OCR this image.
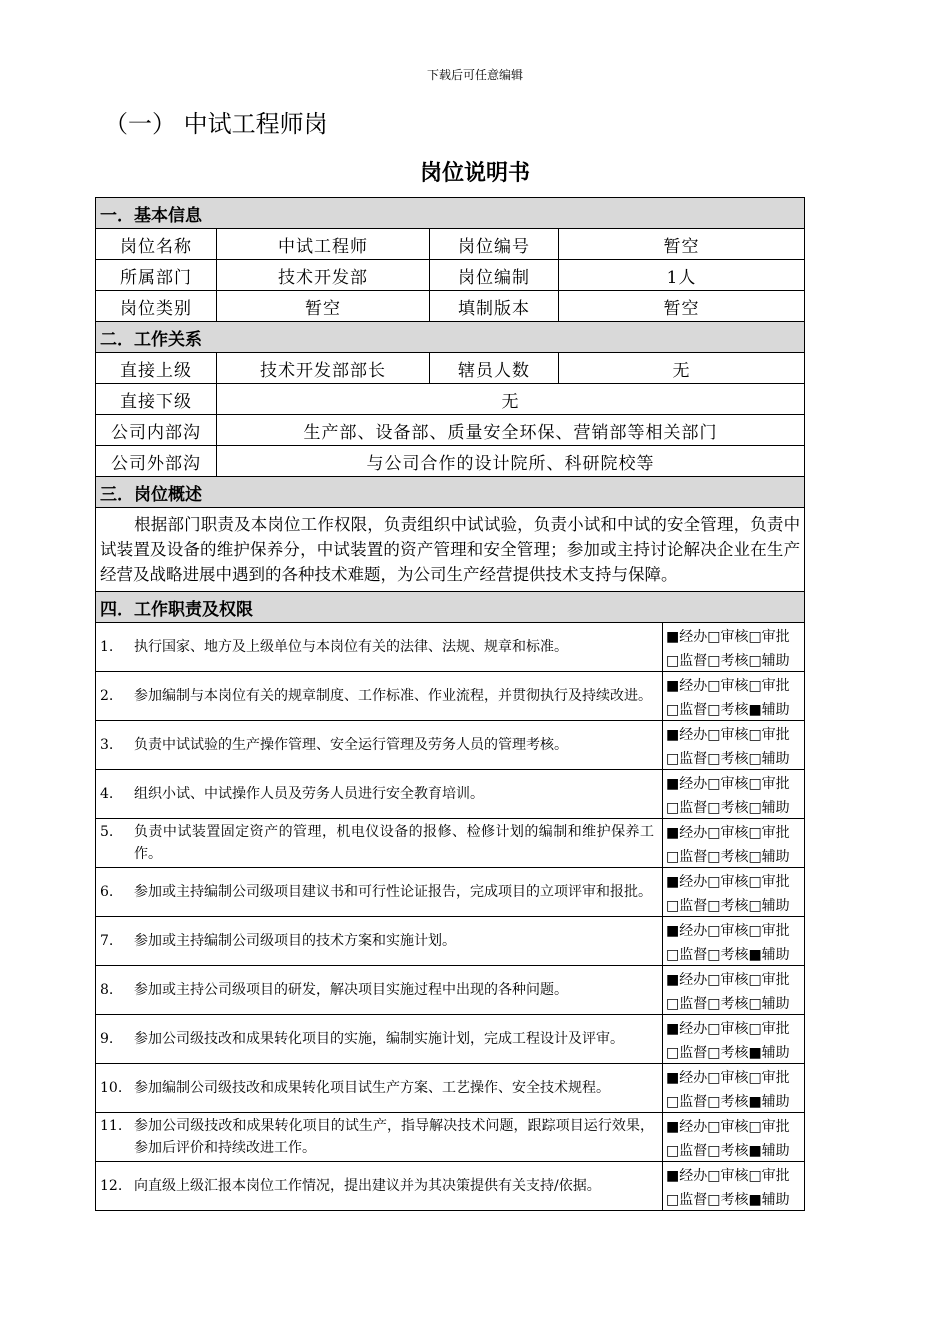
下载后可任意编辑
（一） 中试工程师岗
岗位说明书
一．基本信息				
岗位名称	中试工程师	岗位编号	暂空	
所属部门	技术开发部	岗位编制	1人	
岗位类别	暂空	填制版本	暂空	
二．工作关系				
直接上级	技术开发部部长	辖员人数	无	
直接下级	无			
公司内部沟	生产部、设备部、质量安全环保、营销部等相关部门			
公司外部沟	与公司合作的设计院所、科研院校等			
三．岗位概述				
根据部门职责及本岗位工作权限，负责组织中试试验，负责小试和中试的安全管理，负责中试装置及设备的维护保养分，中试装置的资产管理和安全管理；参加或主持讨论解决企业在生产经营及战略进展中遇到的各种技术难题，为公司生产经营提供技术支持与保障。				
四．工作职责及权限				
1. 执行国家、地方及上级单位与本岗位有关的法律、法规、规章和标准。				■经办□审核□审批
□监督□考核□辅助

2. 参加编制与本岗位有关的规章制度、工作标准、作业流程，并贯彻执行及持续改进。				■经办□审核□审批
□监督□考核■辅助

3. 负责中试试验的生产操作管理、安全运行管理及劳务人员的管理考核。				■经办□审核□审批
□监督□考核□辅助

4. 组织小试、中试操作人员及劳务人员进行安全教育培训。				■经办□审核□审批
□监督□考核□辅助

5. 负责中试装置固定资产的管理，机电仪设备的报修、检修计划的编制和维护保养工作。				■经办□审核□审批
□监督□考核□辅助

6. 参加或主持编制公司级项目建议书和可行性论证报告，完成项目的立项评审和报批。				■经办□审核□审批
□监督□考核□辅助

7. 参加或主持编制公司级项目的技术方案和实施计划。				■经办□审核□审批
□监督□考核■辅助

8. 参加或主持公司级项目的研发，解决项目实施过程中出现的各种问题。				■经办□审核□审批
□监督□考核□辅助

9. 参加公司级技改和成果转化项目的实施，编制实施计划，完成工程设计及评审。				■经办□审核□审批
□监督□考核■辅助

10. 参加编制公司级技改和成果转化项目试生产方案、工艺操作、安全技术规程。				■经办□审核□审批
□监督□考核■辅助

11. 参加公司级技改和成果转化项目的试生产，指导解决技术问题，跟踪项目运行效果，参加后评价和持续改进工作。				■经办□审核□审批
□监督□考核■辅助

12. 向直级上级汇报本岗位工作情况，提出建议并为其决策提供有关支持/依据。				■经办□审核□审批
□监督□考核■辅助
